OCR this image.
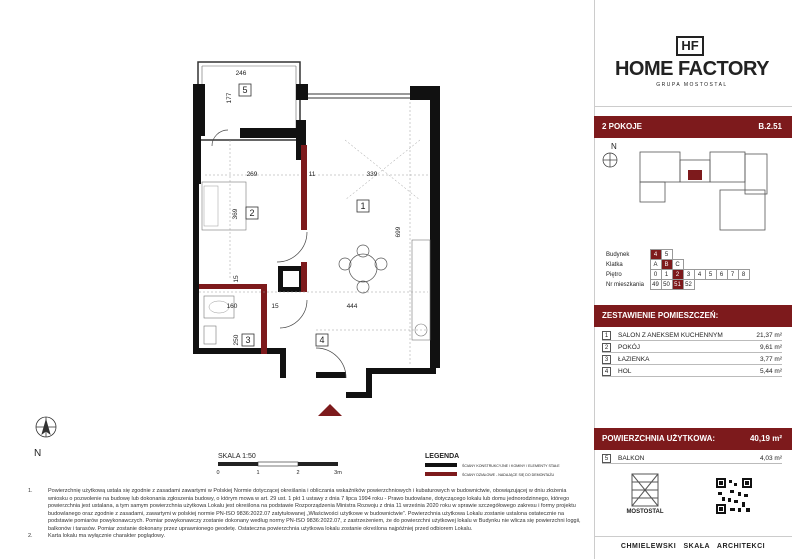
246
177
269	11	339
369
699
15
15
160	444
250
5
2
1
3	4
N	SKALA 1:50
0	1	2	3m
LEGENDA
ŚCIANY KONSTRUKCYJNE / KOMINY / ELEMENTY STAŁE
ŚCIANY DZIAŁOWE - NADAJĄCE SIĘ DO DEMONTAŻU
1.	Powierzchnię użytkową ustala się zgodnie z zasadami zawartymi w Polskiej Normie dotyczącej określania i obliczania wskaźników powierzchniowych i kubaturowych w budownictwie, obowiązującej w dniu złożenia wniosku o pozwolenie na budowę lub dokonania zgłoszenia budowy, o którym mowa w art. 29 ust. 1 pkt 1 ustawy z dnia 7 lipca 1994 roku - Prawo budowlane, dotyczącego lokalu lub domu jednorodzinnego, którego powierzchnia jest ustalana, a tym samym powierzchnia użytkowa Lokalu jest określona na podstawie Rozporządzenia Ministra Rozwoju z dnia 11 września 2020 roku w sprawie szczegółowego zakresu i formy projektu budowlanego oraz zgodnie z zasadami, zawartymi w polskiej normie PN-ISO 9836:2022.07 zatytułowanej „Właściwości użytkowe w budownictwie”. Powierzchnia użytkowa Lokalu zostanie ustalona ostatecznie na podstawie pomiarów powykonawczych. Pomiar powykonawczy zostanie dokonany według normy PN-ISO 9836:2022.07, z zastrzeżeniem, że do powierzchni użytkowej lokalu w Budynku nie wlicza się powierzchni loggii, balkonów i tarasów. Pomiar zostanie dokonany przez uprawnionego geodetę. Ostateczna powierzchnia użytkowa lokalu zostanie określona najpóźniej przed odbiorem Lokalu.
2.	Karta lokalu ma wyłącznie charakter poglądowy.
HF
HOME FACTORY
GRUPA MOSTOSTAL
2 POKOJE	B.2.51
N
Budynek	4	5							
Klatka	A	B	C						
Piętro	0	1	2	3	4	5	6	7	8
Nr mieszkania	49	50	51	52					
ZESTAWIENIE POMIESZCZEŃ:
1	SALON Z ANEKSEM KUCHENNYM	21,37 m²
2	POKÓJ	9,61 m²
3	ŁAZIENKA	3,77 m²
4	HOL	5,44 m²
POWIERZCHNIA UŻYTKOWA:	40,19 m²
5	BALKON	4,03 m²
MOSTOSTAL
CHMIELEWSKI   SKAŁA   ARCHITEKCI
